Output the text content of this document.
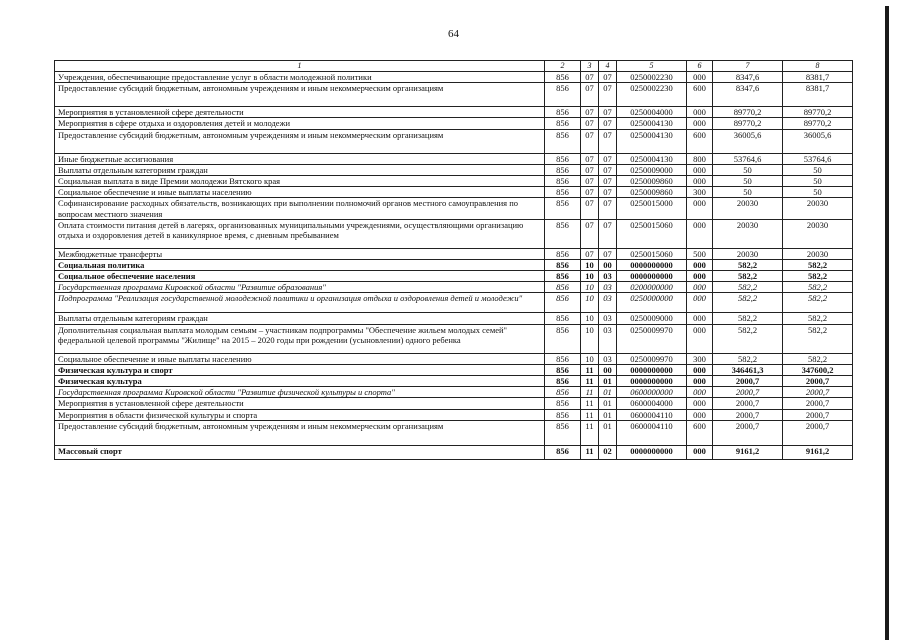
64
1	2	3	4	5	6	7	8
Учреждения, обеспечивающие предоставление услуг в области молодежной политики	856	07	07	0250002230	000	8347,6	8381,7
Предоставление субсидий бюджетным, автономным учреждениям и иным некоммерческим организациям	856	07	07	0250002230	600	8347,6	8381,7
Мероприятия в установленной сфере деятельности	856	07	07	0250004000	000	89770,2	89770,2
Мероприятия в сфере отдыха и оздоровления детей и молодежи	856	07	07	0250004130	000	89770,2	89770,2
Предоставление субсидий бюджетным, автономным учреждениям и иным некоммерческим организациям	856	07	07	0250004130	600	36005,6	36005,6
Иные бюджетные ассигнования	856	07	07	0250004130	800	53764,6	53764,6
Выплаты отдельным категориям граждан	856	07	07	0250009000	000	50	50
Социальная выплата в виде Премии молодежи Вятского края	856	07	07	0250009860	000	50	50
Социальное обеспечение и иные выплаты населению	856	07	07	0250009860	300	50	50
Софинансирование расходных обязательств, возникающих при выполнении полномочий органов местного самоуправления по вопросам местного значения	856	07	07	0250015000	000	20030	20030
Оплата стоимости питания детей в лагерях, организованных муниципальными учреждениями, осуществляющими организацию отдыха и оздоровления детей в каникулярное время, с дневным пребыванием	856	07	07	0250015060	000	20030	20030
Межбюджетные трансферты	856	07	07	0250015060	500	20030	20030
Социальная политика	856	10	00	0000000000	000	582,2	582,2
Социальное обеспечение населения	856	10	03	0000000000	000	582,2	582,2
Государственная программа Кировской области "Развитие образования"	856	10	03	0200000000	000	582,2	582,2
Подпрограмма "Реализация государственной молодежной политики и организация отдыха и оздоровления детей и молодежи"	856	10	03	0250000000	000	582,2	582,2
Выплаты отдельным категориям граждан	856	10	03	0250009000	000	582,2	582,2
Дополнительная социальная выплата молодым семьям – участникам подпрограммы "Обеспечение жильем молодых семей" федеральной целевой программы "Жилище" на 2015 – 2020 годы при рождении (усыновлении) одного ребенка	856	10	03	0250009970	000	582,2	582,2
Социальное обеспечение и иные выплаты населению	856	10	03	0250009970	300	582,2	582,2
Физическая культура и спорт	856	11	00	0000000000	000	346461,3	347600,2
Физическая культура	856	11	01	0000000000	000	2000,7	2000,7
Государственная программа Кировской области "Развитие физической культуры и спорта"	856	11	01	0600000000	000	2000,7	2000,7
Мероприятия в установленной сфере деятельности	856	11	01	0600004000	000	2000,7	2000,7
Мероприятия в области физической культуры и спорта	856	11	01	0600004110	000	2000,7	2000,7
Предоставление субсидий бюджетным, автономным учреждениям и иным некоммерческим организациям	856	11	01	0600004110	600	2000,7	2000,7
Массовый спорт	856	11	02	0000000000	000	9161,2	9161,2
